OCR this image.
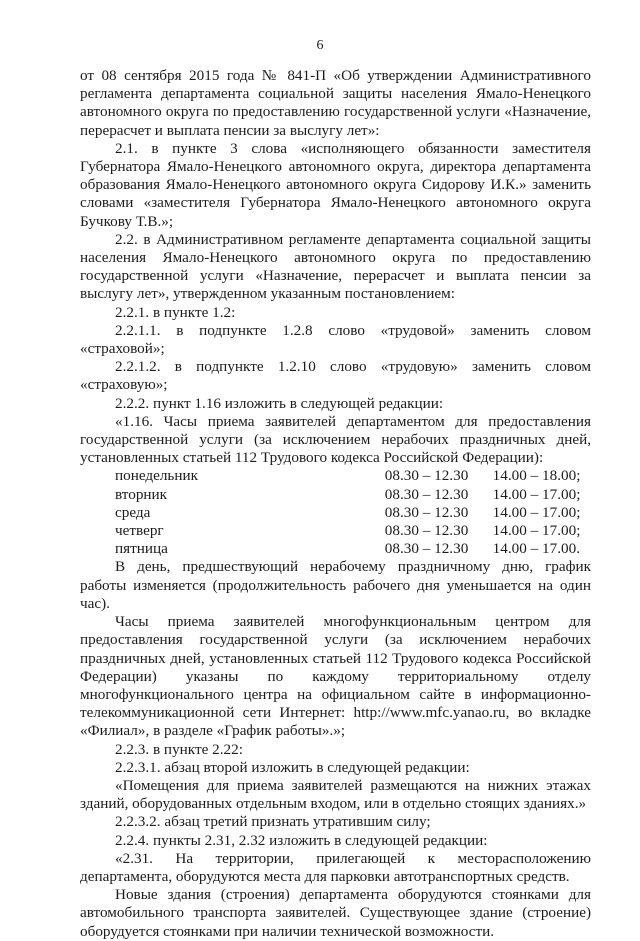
6

от 08 сентября 2015 года № 841-П «Об утверждении Административного регламента департамента социальной защиты населения Ямало-Ненецкого автономного округа по предоставлению государственной услуги «Назначение, перерасчет и выплата пенсии за выслугу лет»:

2.1. в пункте 3 слова «исполняющего обязанности заместителя Губернатора Ямало-Ненецкого автономного округа, директора департамента образования Ямало-Ненецкого автономного округа Сидорову И.К.» заменить словами «заместителя Губернатора Ямало-Ненецкого автономного округа Бучкову Т.В.»;

2.2. в Административном регламенте департамента социальной защиты населения Ямало-Ненецкого автономного округа по предоставлению государственной услуги «Назначение, перерасчет и выплата пенсии за выслугу лет», утвержденном указанным постановлением:

2.2.1. в пункте 1.2:

2.2.1.1. в подпункте 1.2.8 слово «трудовой» заменить словом «страховой»;

2.2.1.2. в подпункте 1.2.10 слово «трудовую» заменить словом «страховую»;

2.2.2. пункт 1.16 изложить в следующей редакции:

«1.16. Часы приема заявителей департаментом для предоставления государственной услуги (за исключением нерабочих праздничных дней, установленных статьей 112 Трудового кодекса Российской Федерации):

понедельник	08.30 – 12.30	14.00 – 18.00;
вторник	08.30 – 12.30	14.00 – 17.00;
среда	08.30 – 12.30	14.00 – 17.00;
четверг	08.30 – 12.30	14.00 – 17.00;
пятница	08.30 – 12.30	14.00 – 17.00.

В день, предшествующий нерабочему праздничному дню, график работы изменяется (продолжительность рабочего дня уменьшается на один час).

Часы приема заявителей многофункциональным центром для предоставления государственной услуги (за исключением нерабочих праздничных дней, установленных статьей 112 Трудового кодекса Российской Федерации) указаны по каждому территориальному отделу многофункционального центра на официальном сайте в информационно-телекоммуникационной сети Интернет: http://www.mfc.yanao.ru, во вкладке «Филиал», в разделе «График работы».»;

2.2.3. в пункте 2.22:

2.2.3.1. абзац второй изложить в следующей редакции:

«Помещения для приема заявителей размещаются на нижних этажах зданий, оборудованных отдельным входом, или в отдельно стоящих зданиях.»

2.2.3.2. абзац третий признать утратившим силу;

2.2.4. пункты 2.31, 2.32 изложить в следующей редакции:

«2.31. На территории, прилегающей к месторасположению департамента, оборудуются места для парковки автотранспортных средств.

Новые здания (строения) департамента оборудуются стоянками для автомобильного транспорта заявителей. Существующее здание (строение) оборудуется стоянками при наличии технической возможности.
